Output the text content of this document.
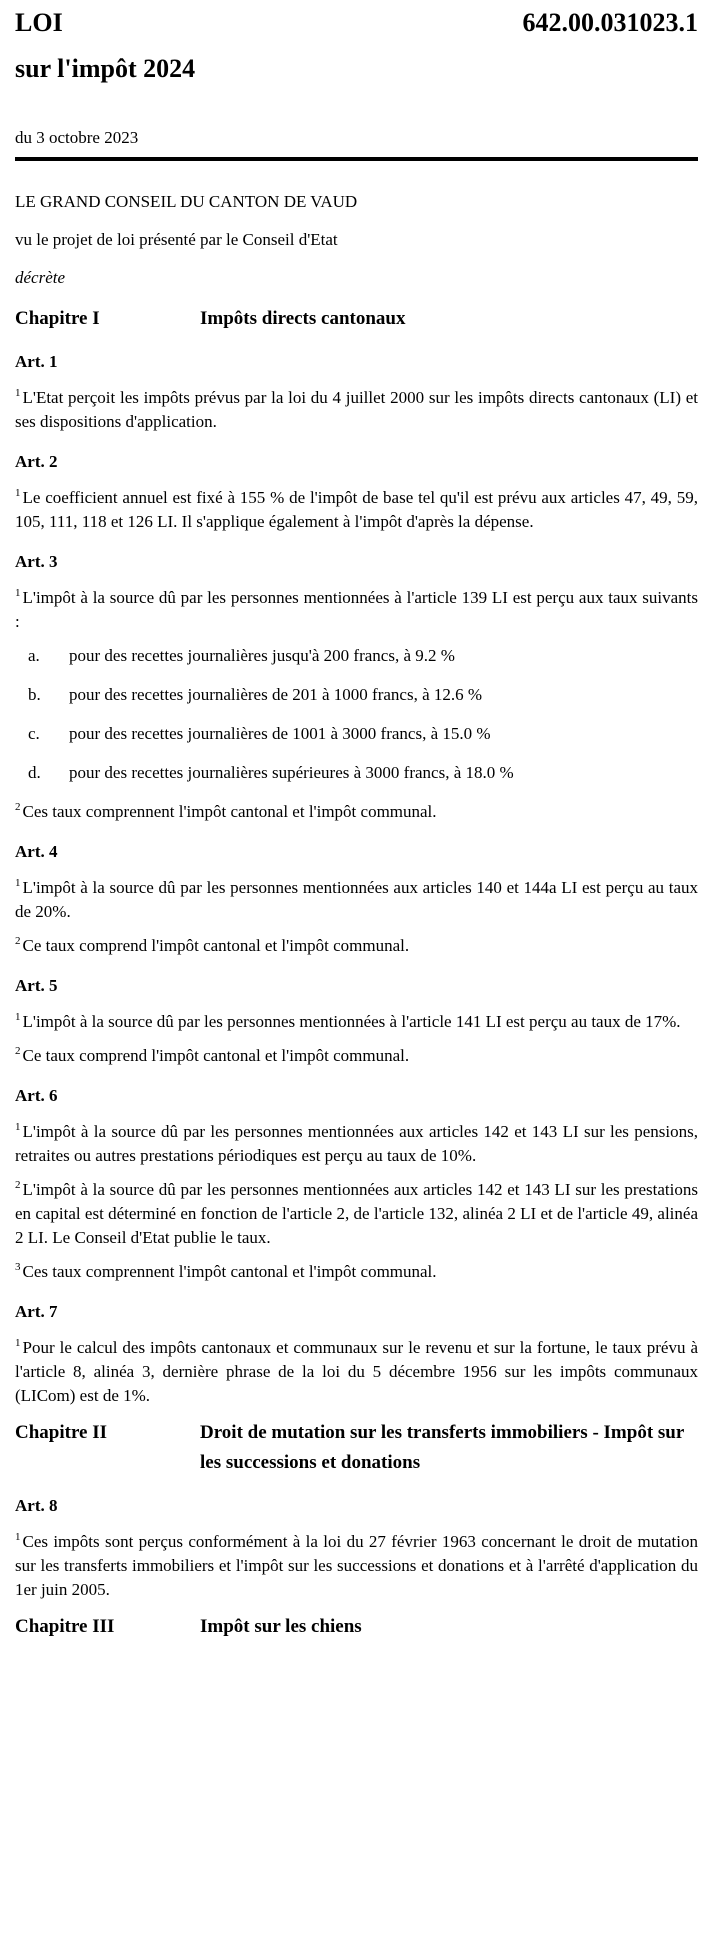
LOI	642.00.031023.1
sur l'impôt 2024
du 3 octobre 2023

LE GRAND CONSEIL DU CANTON DE VAUD

vu le projet de loi présenté par le Conseil d'Etat

décrète

Chapitre I	Impôts directs cantonaux
Art. 1

$^1$ L'Etat perçoit les impôts prévus par la loi du 4 juillet 2000 sur les impôts directs cantonaux (LI) et ses dispositions d'application.

Art. 2

$^1$ Le coefficient annuel est fixé à 155 % de l'impôt de base tel qu'il est prévu aux articles 47, 49, 59, 105, 111, 118 et 126 LI. Il s'applique également à l'impôt d'après la dépense.

Art. 3

$^1$ L'impôt à la source dû par les personnes mentionnées à l'article 139 LI est perçu aux taux suivants :

a.	pour des recettes journalières jusqu'à 200 francs, à 9.2 %
b.	pour des recettes journalières de 201 à 1000 francs, à 12.6 %
c.	pour des recettes journalières de 1001 à 3000 francs, à 15.0 %
d.	pour des recettes journalières supérieures à 3000 francs, à 18.0 %

$^2$ Ces taux comprennent l'impôt cantonal et l'impôt communal.

Art. 4

$^1$ L'impôt à la source dû par les personnes mentionnées aux articles 140 et 144a LI est perçu au taux de 20%.

$^2$ Ce taux comprend l'impôt cantonal et l'impôt communal.

Art. 5

$^1$ L'impôt à la source dû par les personnes mentionnées à l'article 141 LI est perçu au taux de 17%.

$^2$ Ce taux comprend l'impôt cantonal et l'impôt communal.

Art. 6

$^1$ L'impôt à la source dû par les personnes mentionnées aux articles 142 et 143 LI sur les pensions, retraites ou autres prestations périodiques est perçu au taux de 10%.

$^2$ L'impôt à la source dû par les personnes mentionnées aux articles 142 et 143 LI sur les prestations en capital est déterminé en fonction de l'article 2, de l'article 132, alinéa 2 LI et de l'article 49, alinéa 2 LI. Le Conseil d'Etat publie le taux.

$^3$ Ces taux comprennent l'impôt cantonal et l'impôt communal.

Art. 7

$^1$ Pour le calcul des impôts cantonaux et communaux sur le revenu et sur la fortune, le taux prévu à l'article 8, alinéa 3, dernière phrase de la loi du 5 décembre 1956 sur les impôts communaux (LICom) est de 1%.

Chapitre II	Droit de mutation sur les transferts immobiliers - Impôt sur les successions et donations
Art. 8

$^1$ Ces impôts sont perçus conformément à la loi du 27 février 1963 concernant le droit de mutation sur les transferts immobiliers et l'impôt sur les successions et donations et à l'arrêté d'application du 1er juin 2005.

Chapitre III	Impôt sur les chiens
